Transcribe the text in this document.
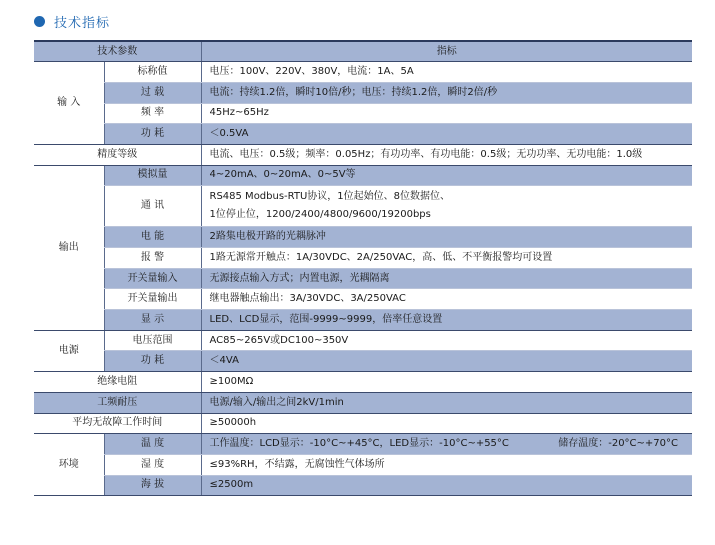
技术指标
技术参数		指标
输 入	标称值	电压：100V、220V、380V，电流：1A、5A
	过 载	电流：持续1.2倍，瞬时10倍/秒；电压：持续1.2倍，瞬时2倍/秒
	频 率	45Hz~65Hz
	功 耗	＜0.5VA
精度等级		电流、电压：0.5级；频率：0.05Hz；有功功率、有功电能：0.5级；无功功率、无功电能：1.0级
输出	模拟量	4~20mA、0~20mA、0~5V等
	通 讯	RS485 Modbus-RTU协议，1位起始位、8位数据位、
1位停止位，1200/2400/4800/9600/19200bps

	电 能	2路集电极开路的光耦脉冲
	报 警	1路无源常开触点：1A/30VDC、2A/250VAC，高、低、不平衡报警均可设置
	开关量输入	无源接点输入方式；内置电源，光耦隔离
	开关量输出	继电器触点输出：3A/30VDC、3A/250VAC
	显 示	LED、LCD显示，范围-9999~9999，倍率任意设置
电源	电压范围	AC85~265V或DC100~350V
	功 耗	＜4VA
绝缘电阻		≥100MΩ
工频耐压		电源/输入/输出之间2kV/1min
平均无故障工作时间		≥50000h
环境	温 度	工作温度：LCD显示：-10°C~+45°C，LED显示：-10°C~+55°C 储存温度：-20°C~+70°C

	湿 度	≤93%RH，不结露，无腐蚀性气体场所
	海 拔	≤2500m
